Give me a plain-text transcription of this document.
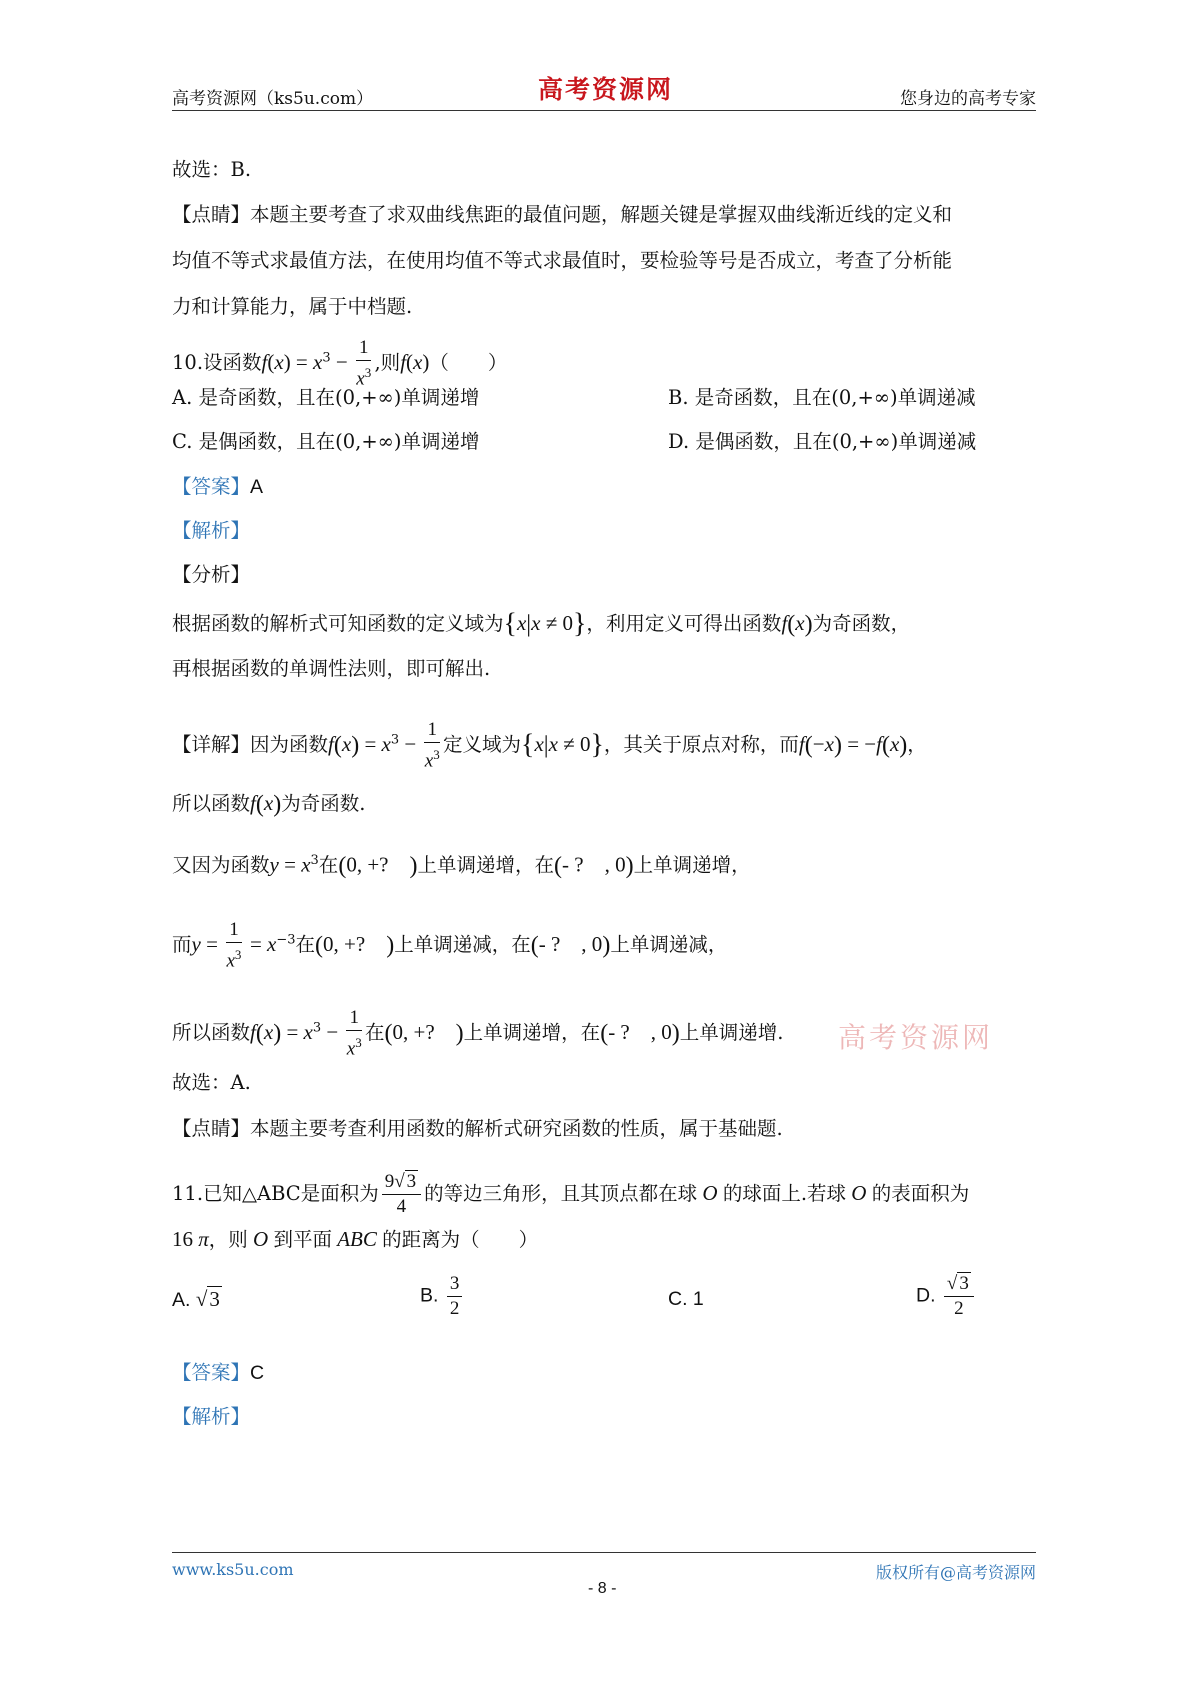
高考资源网（ks5u.com）	高考资源网	您身边的高考专家
故选：B.
【点睛】本题主要考查了求双曲线焦距的最值问题，解题关键是掌握双曲线渐近线的定义和
均值不等式求最值方法，在使用均值不等式求最值时，要检验等号是否成立，考查了分析能
力和计算能力，属于中档题.
10.设函数$f(x) = x^3 - \frac{1}{x^3}$ ,则f(x)（　　）
A. 是奇函数，且在(0,+∞)单调递增	B. 是奇函数，且在(0,+∞)单调递减
C. 是偶函数，且在(0,+∞)单调递增	D. 是偶函数，且在(0,+∞)单调递减
【答案】A
【解析】
【分析】
根据函数的解析式可知函数的定义域为{x|x ≠ 0}，利用定义可得出函数f(x)为奇函数，
再根据函数的单调性法则，即可解出.
【详解】因为函数$f(x) = x^3 - \frac{1}{x^3}$ 定义域为{x|x ≠ 0}，其关于原点对称，而f(−x) = −f(x)，
所以函数f(x)为奇函数.
又因为函数$y = x^3$在(0, +?　)上单调递增，在(- ?　, 0)上单调递增，
而$y = \frac{1}{x^3} = x^{-3}$在(0, +?　)上单调递减，在(- ?　, 0)上单调递减，
所以函数$f(x) = x^3 - \frac{1}{x^3}$ 在(0, +?　)上单调递增，在(- ?　, 0)上单调递增. 高考资源网
故选：A.
【点睛】本题主要考查利用函数的解析式研究函数的性质，属于基础题.
11.已知△ABC是面积为 $\frac{9√ 3}{4}$ 的等边三角形，且其顶点都在球 O 的球面上.若球 O 的表面积为
16 π，则 O 到平面 ABC 的距离为（　　）
A. √3	B. $\frac{3}{2}$	C. 1	D. $\frac{√ 3}{2}$
【答案】C
【解析】
www.ks5u.com
- 8 -
版权所有@高考资源网
